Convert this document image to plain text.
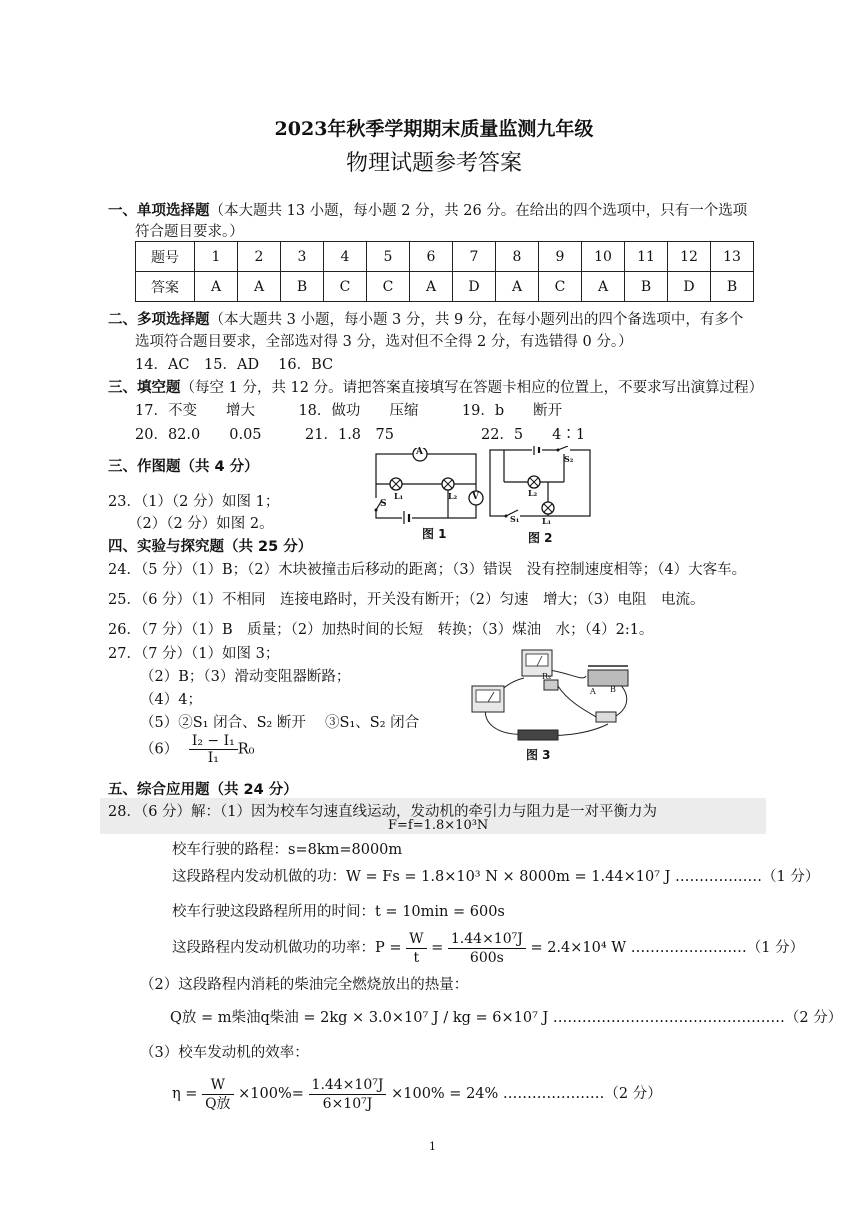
2023年秋季学期期末质量监测九年级
物理试题参考答案
一、单项选择题（本大题共 13 小题，每小题 2 分，共 26 分。在给出的四个选项中，只有一个选项
符合题目要求。）
题号	1	2	3	4	5	6	7	8	9	10	11	12	13
答案	A	A	B	C	C	A	D	A	C	A	B	D	B
二、多项选择题（本大题共 3 小题，每小题 3 分，共 9 分，在每小题列出的四个备选项中，有多个
选项符合题目要求，全部选对得 3 分，选对但不全得 2 分，有选错得 0 分。）
14．AC　15．AD　 16．BC
三、填空题（每空 1 分，共 12 分。请把答案直接填写在答题卡相应的位置上，不要求写出演算过程）
17．不变　　增大　　　18．做功　　压缩　　　19．b　　断开
20．82.0　　0.05　　　21．1.8　75　　　　　　22．5　　4∶1
三、作图题（共 4 分）
23．（1）（2 分）如图 1；
（2）（2 分）如图 2。
A
V
S
L₁	L₂
图 1
S₂
L₂
S₁	L₁
图 2
四、实验与探究题（共 25 分）
24．（5 分）（1）B；（2）木块被撞击后移动的距离；（3）错误　没有控制速度相等；（4）大客车。
25．（6 分）（1）不相同　连接电路时，开关没有断开；（2）匀速　增大；（3）电阻　电流。
26．（7 分）（1）B　质量；（2）加热时间的长短　转换；（3）煤油　水；（4）2:1。
27．（7 分）（1）如图 3；
（2）B；（3）滑动变阻器断路；
（4）4；
（5）②S₁ 闭合、S₂ 断开　 ③S₁、S₂ 闭合
$(6) \frac{\text{I₂ − I₁}}{\text{I₁}} R_0$
Rₓ
A B
图 3
五、综合应用题（共 24 分）
28．（6 分）解：（1）因为校车匀速直线运动，发动机的牵引力与阻力是一对平衡力为
F=f=1.8×10³N
校车行驶的路程：s=8km=8000m
这段路程内发动机做的功：W = Fs = 1.8×10³ N × 8000m = 1.44×10⁷ J ………………（1 分）
校车行驶这段路程所用的时间：t = 10min = 600s
这段路程内发动机做功的功率：$P = \frac{W}{t} = \frac{\text{1.44×10⁷J}}{600s} = 2.4\times 10^4$ W ……………………（1 分）
（2）这段路程内消耗的柴油完全燃烧放出的热量：
Q放 = m柴油q柴油 = 2kg × 3.0×10⁷ J / kg = 6×10⁷ J …………………………………………（2 分）
（3）校车发动机的效率：
$\eta = \frac{W}{\text{Q放}} \times 100\%= \frac{\text{1.44×10⁷J}}{\text{6×10⁷J}} \times 100\% = 24\%$ …………………（2 分）
1
